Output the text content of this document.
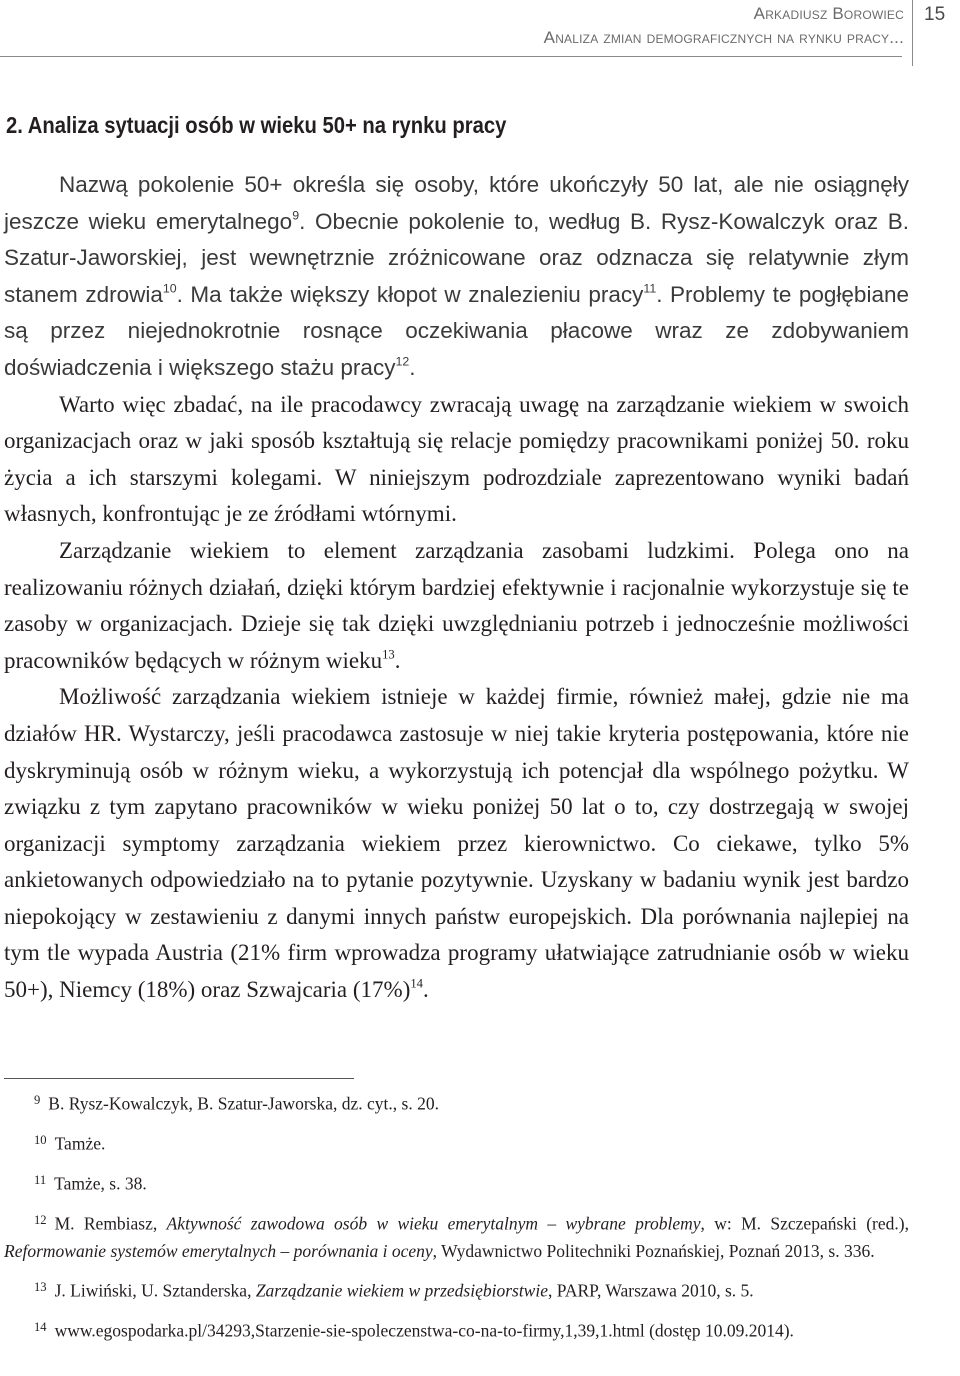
Arkadiusz Borowiec
Analiza zmian demograficznych na rynku pracy...
15
2. Analiza sytuacji osób w wieku 50+ na rynku pracy

Nazwą pokolenie 50+ określa się osoby, które ukończyły 50 lat, ale nie osiągnęły jeszcze wieku emerytalnego$^9$. Obecnie pokolenie to, według B. Rysz-Kowalczyk oraz B. Szatur-Jaworskiej, jest wewnętrznie zróżnicowane oraz odznacza się relatywnie złym stanem zdrowia$^{10}$. Ma także większy kłopot w znalezieniu pracy$^{11}$. Problemy te pogłębiane są przez niejednokrotnie rosnące oczekiwania płacowe wraz ze zdobywaniem doświadczenia i większego stażu pracy$^{12}$.

Warto więc zbadać, na ile pracodawcy zwracają uwagę na zarządzanie wiekiem w swoich organizacjach oraz w jaki sposób kształtują się relacje pomiędzy pracownikami poniżej 50. roku życia a ich starszymi kolegami. W niniejszym podrozdziale zaprezentowano wyniki badań własnych, konfrontując je ze źródłami wtórnymi.

Zarządzanie wiekiem to element zarządzania zasobami ludzkimi. Polega ono na realizowaniu różnych działań, dzięki którym bardziej efektywnie i racjonalnie wykorzystuje się te zasoby w organizacjach. Dzieje się tak dzięki uwzględnianiu potrzeb i jednocześnie możliwości pracowników będących w różnym wieku$^{13}$.

Możliwość zarządzania wiekiem istnieje w każdej firmie, również małej, gdzie nie ma działów HR. Wystarczy, jeśli pracodawca zastosuje w niej takie kryteria postępowania, które nie dyskryminują osób w różnym wieku, a wykorzystują ich potencjał dla wspólnego pożytku. W związku z tym zapytano pracowników w wieku poniżej 50 lat o to, czy dostrzegają w swojej organizacji symptomy zarządzania wiekiem przez kierownictwo. Co ciekawe, tylko 5% ankietowanych odpowiedziało na to pytanie pozytywnie. Uzyskany w badaniu wynik jest bardzo niepokojący w zestawieniu z danymi innych państw europejskich. Dla porównania najlepiej na tym tle wypada Austria (21% firm wprowadza programy ułatwiające zatrudnianie osób w wieku 50+), Niemcy (18%) oraz Szwajcaria $(17\%)^{14}$.

$^9$ B. Rysz-Kowalczyk, B. Szatur-Jaworska, dz. cyt., s. 20.

$^{10}$ Tamże.

$^{11}$ Tamże, s. 38.

$^{12}$ M. Rembiasz, Aktywność zawodowa osób w wieku emerytalnym – wybrane problemy, w: M. Szczepański (red.), Reformowanie systemów emerytalnych – porównania i oceny, Wydawnictwo Politechniki Poznańskiej, Poznań 2013, s. 336.

$^{13}$ J. Liwiński, U. Sztanderska, Zarządzanie wiekiem w przedsiębiorstwie, PARP, Warszawa 2010, s. 5.

$^{14}$ www.egospodarka.pl/34293,Starzenie-sie-spoleczenstwa-co-na-to-firmy,1,39,1.html (dostęp 10.09.2014).
